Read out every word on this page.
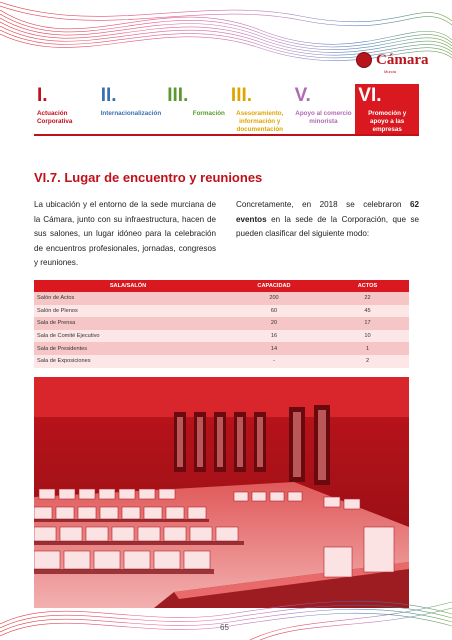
Cámara
Murcia
I.
Actuación Corporativa
II.
Internacionalización
III.
Formación
III.
Asesoramiento, información y documentación
V.
Apoyo al comercio minorista
VI.
Promoción y apoyo a las empresas
VI.7. Lugar de encuentro y reuniones
La ubicación y el entorno de la sede murciana de la Cámara, junto con su infraestructura, hacen de sus salones, un lugar idóneo para la celebración de encuentros profesionales, jornadas, congresos y reuniones.
Concretamente, en 2018 se celebraron 62 eventos en la sede de la Corporación, que se pueden clasificar del siguiente modo:
SALA/SALÓN	CAPACIDAD	ACTOS
Salón de Actos	200	22
Salón de Plenos	60	45
Sala de Prensa	20	17
Sala de Comité Ejecutivo	16	10
Sala de Presidentes	14	1
Sala de Exposiciones	-	2
65
